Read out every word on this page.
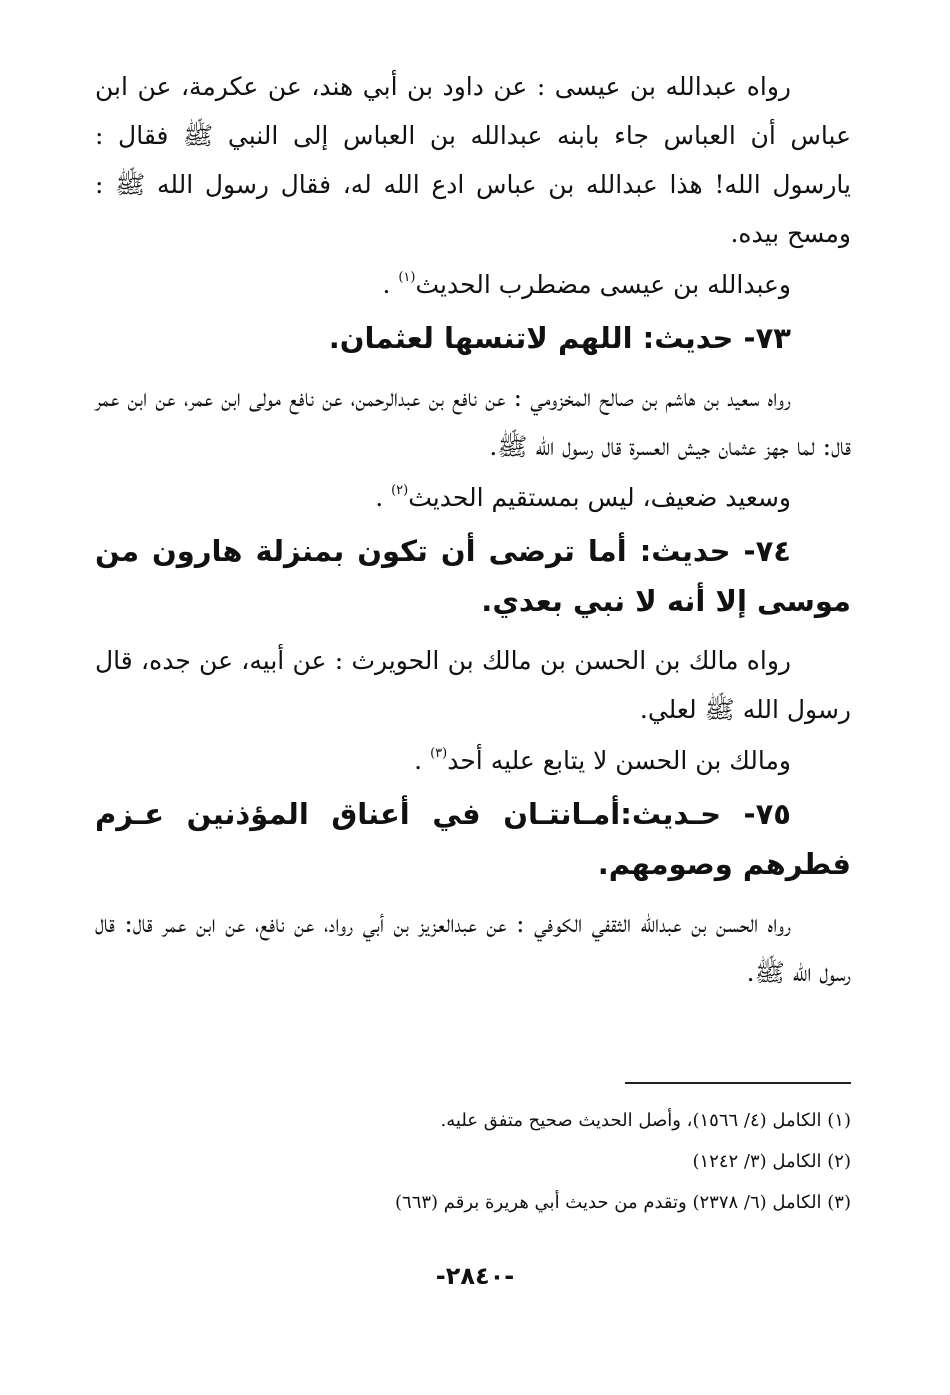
رواه عبدالله بن عيسى : عن داود بن أبي هند، عن عكرمة، عن ابن عباس أن العباس جاء بابنه عبدالله بن العباس إلى النبي ﷺ فقال : يارسول الله! هذا عبدالله بن عباس ادع الله له، فقال رسول الله ﷺ : ومسح بيده.

وعبدالله بن عيسى مضطرب الحديث$^{(١)}$ .

٧٣- حديث: اللهم لاتنسها لعثمان.

رواه سعيد بن هاشم بن صالح المخزومي : عن نافع بن عبدالرحمن، عن نافع مولى ابن عمر، عن ابن عمر قال: لما جهز عثمان جيش العسرة قال رسول الله ﷺ.

وسعيد ضعيف، ليس بمستقيم الحديث$^{(٢)}$ .

٧٤- حديث: أما ترضى أن تكون بمنزلة هارون من موسى إلا أنه لا نبي بعدي.

رواه مالك بن الحسن بن مالك بن الحويرث : عن أبيه، عن جده، قال رسول الله ﷺ لعلي.

ومالك بن الحسن لا يتابع عليه أحد$^{(٣)}$ .

٧٥- حـديث:أمـانتـان في أعناق المؤذنين عـزم فطرهم وصومهم.

رواه الحسن بن عبدالله الثقفي الكوفي : عن عبدالعزيز بن أبي رواد، عن نافع، عن ابن عمر قال: قال رسول الله ﷺ.

(١) الكامل (٤/ ١٥٦٦)، وأصل الحديث صحيح متفق عليه.

(٢) الكامل (٣/ ١٢٤٢)

(٣) الكامل (٦/ ٢٣٧٨) وتقدم من حديث أبي هريرة برقم (٦٦٣)

-٢٨٤٠-
